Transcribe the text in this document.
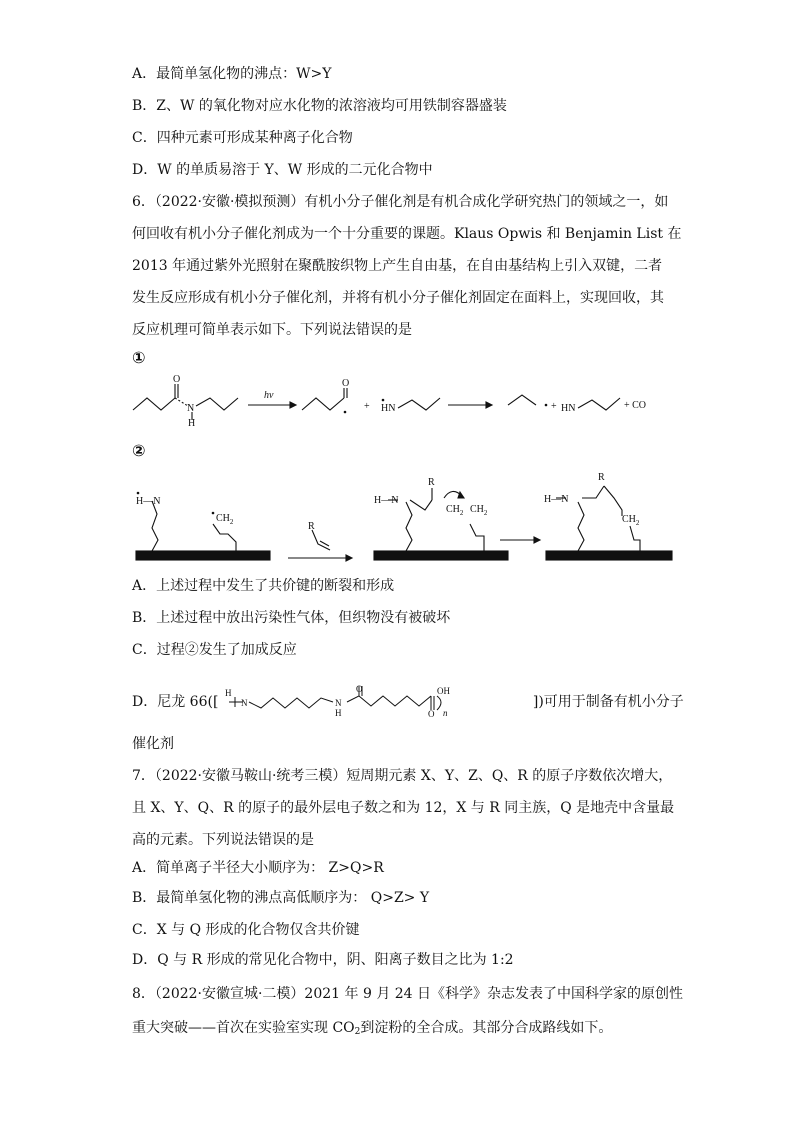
A．最简单氢化物的沸点：W>Y
B．Z、W 的氧化物对应水化物的浓溶液均可用铁制容器盛装
C．四种元素可形成某种离子化合物
D．W 的单质易溶于 Y、W 形成的二元化合物中
6．（2022·安徽·模拟预测）有机小分子催化剂是有机合成化学研究热门的领域之一，如
何回收有机小分子催化剂成为一个十分重要的课题。Klaus Opwis 和 Benjamin List 在
2013 年通过紫外光照射在聚酰胺织物上产生自由基，在自由基结构上引入双键，二者
发生反应形成有机小分子催化剂，并将有机小分子催化剂固定在面料上，实现回收，其
反应机理可简单表示如下。下列说法错误的是
①
②
hv
O
N
H
O
+ HN	+ HN	+ CO
H—N
$CH_2$	R
H—N
R
$CH_2$ $CH_2$
H—N
R
$CH_2$
A．上述过程中发生了共价键的断裂和形成
B．上述过程中放出污染性气体，但织物没有被破坏
C．过程②发生了加成反应
D．尼龙 66([
H
N	N
H
O
O
OH
n
])可用于制备有机小分子
催化剂
7．（2022·安徽马鞍山·统考三模）短周期元素 X、Y、Z、Q、R 的原子序数依次增大，
且 X、Y、Q、R 的原子的最外层电子数之和为 12，X 与 R 同主族，Q 是地壳中含量最
高的元素。下列说法错误的是
A．简单离子半径大小顺序为： Z>Q>R
B．最简单氢化物的沸点高低顺序为： Q>Z> Y
C．X 与 Q 形成的化合物仅含共价键
D．Q 与 R 形成的常见化合物中，阴、阳离子数目之比为 1:2
8．（2022·安徽宣城·二模）2021 年 9 月 24 日《科学》杂志发表了中国科学家的原创性
重大突破——首次在实验室实现 $CO_2$到淀粉的全合成。其部分合成路线如下。
